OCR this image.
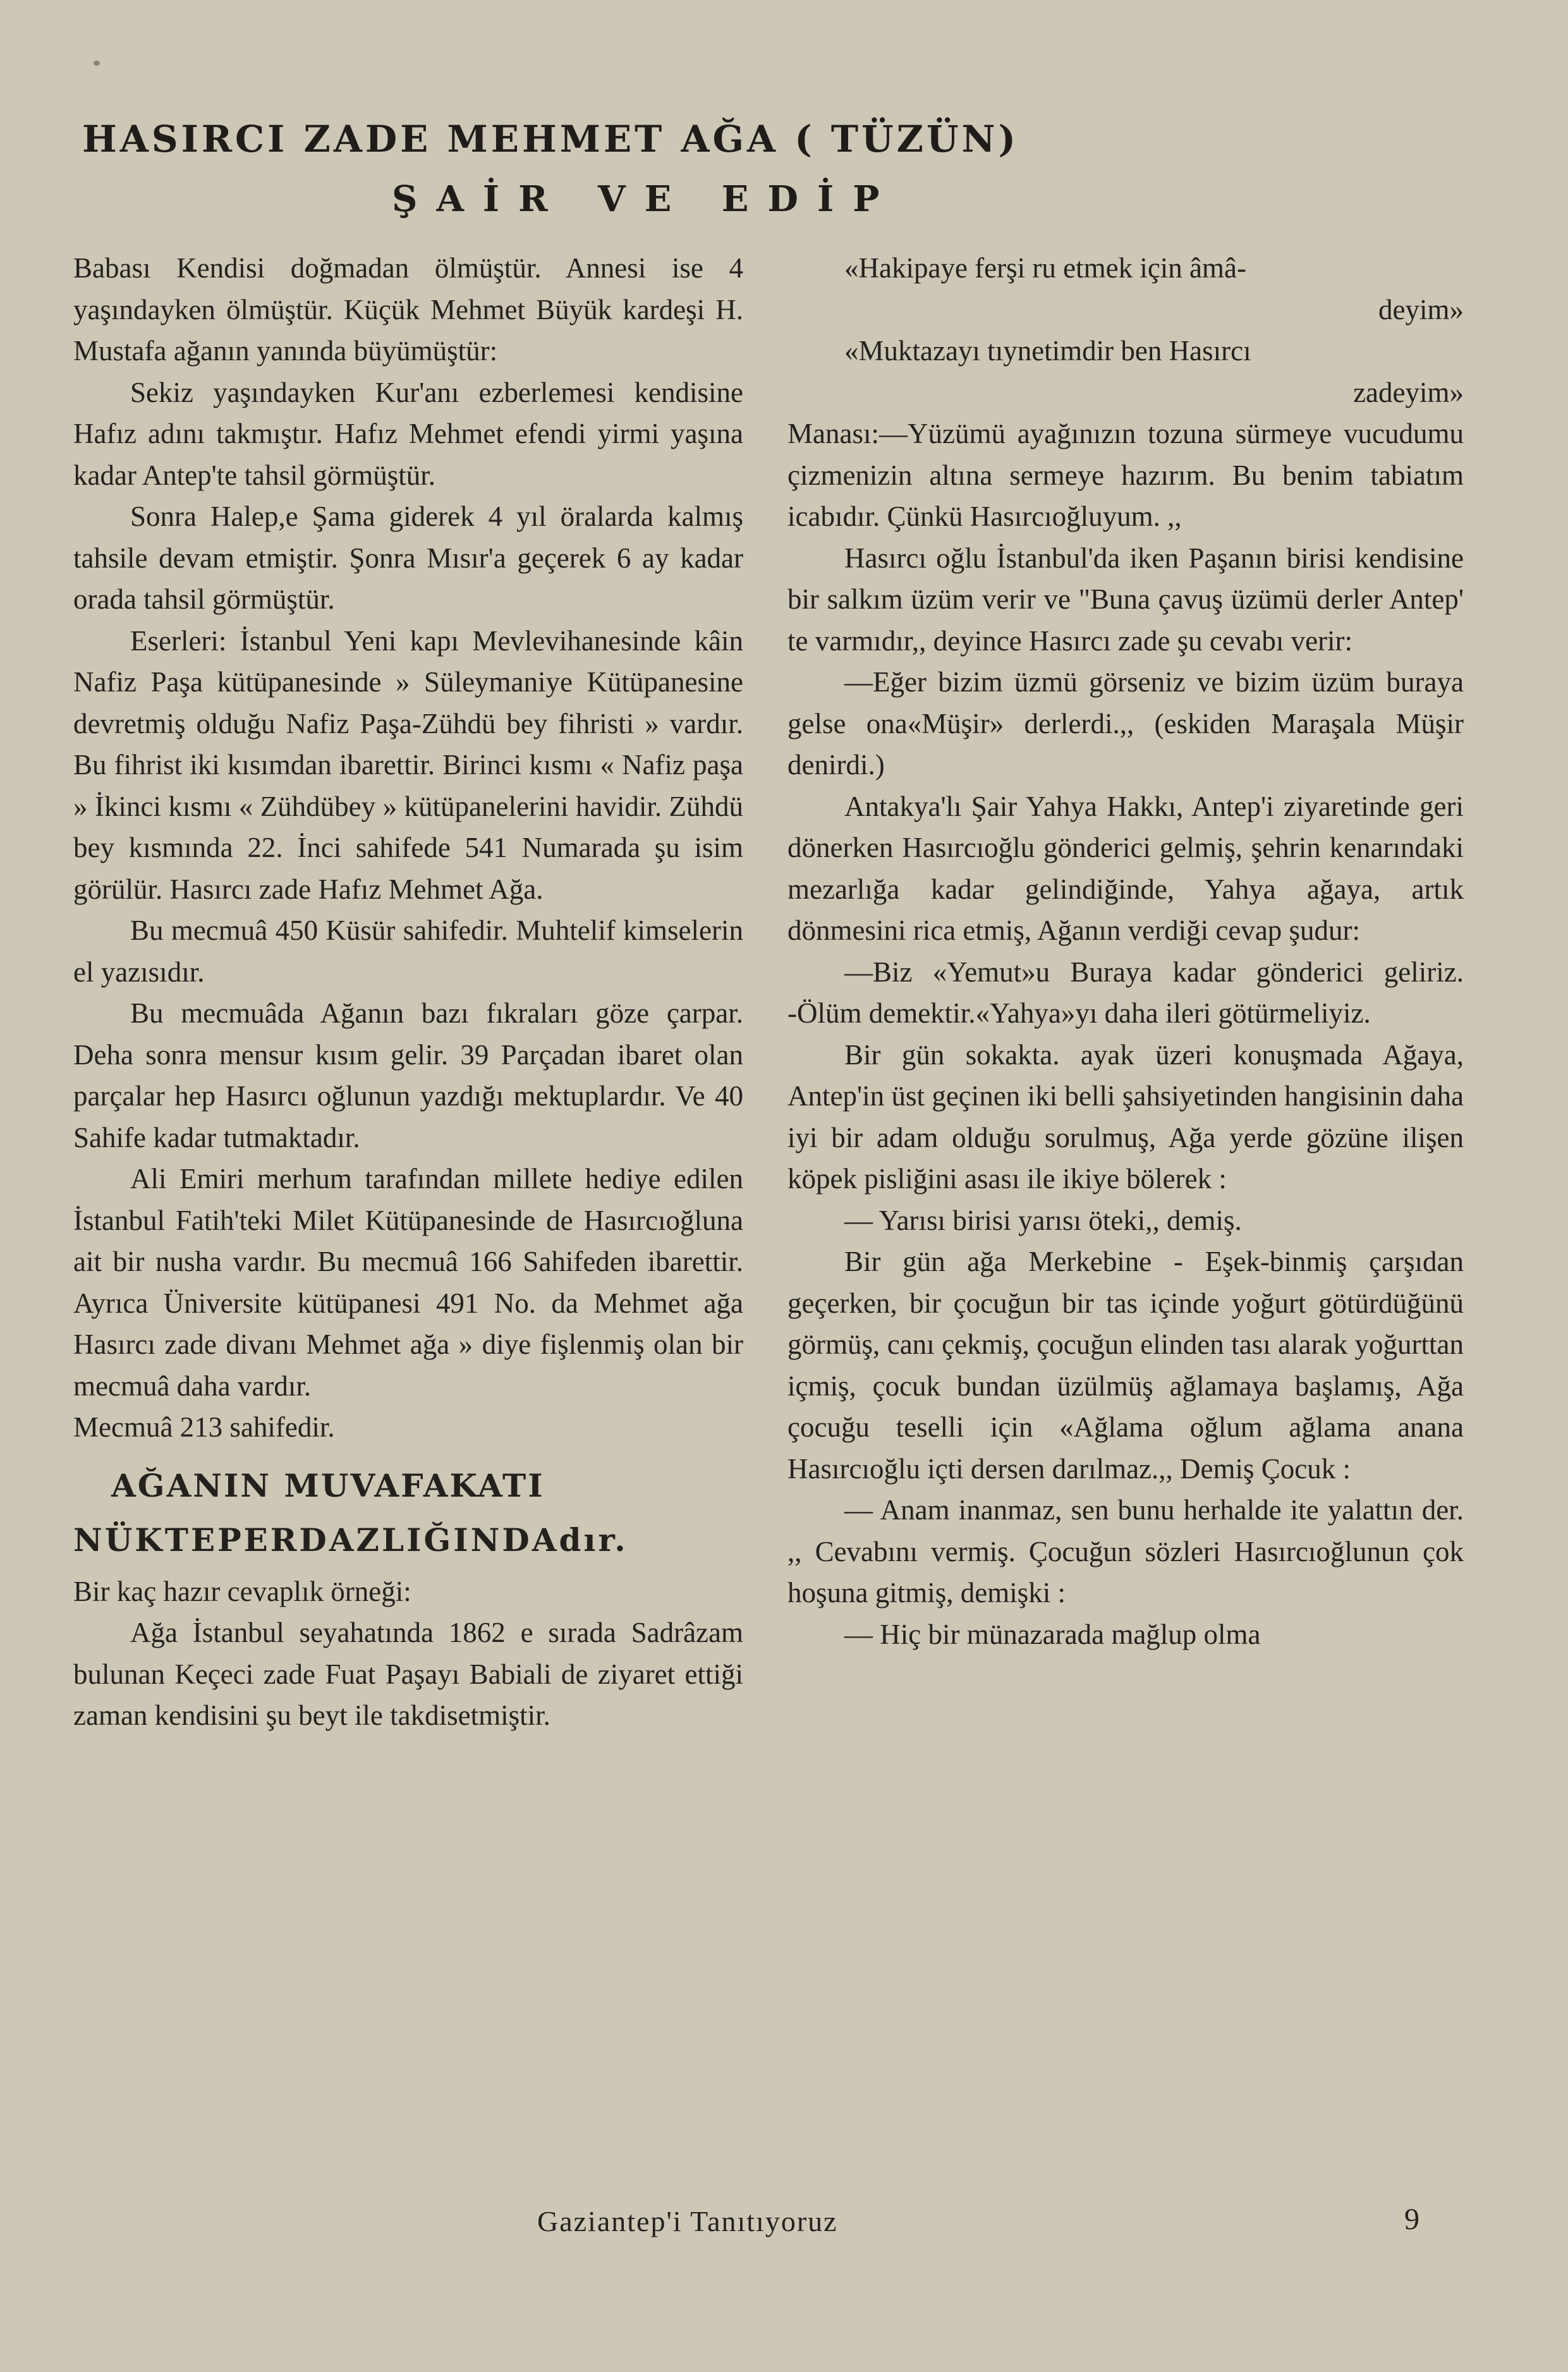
HASIRCI ZADE MEHMET AĞA ( TÜZÜN)
ŞAİR VE EDİP

Babası Kendisi doğmadan ölmüştür. Annesi ise 4 yaşındayken ölmüştür. Küçük Mehmet Büyük kardeşi H. Mustafa ağanın yanında büyümüştür:

Sekiz yaşındayken Kur'anı ezberlemesi kendisine Hafız adını takmıştır. Hafız Mehmet efendi yirmi yaşına kadar Antep'te tahsil görmüştür.

Sonra Halep,e Şama giderek 4 yıl öralarda kalmış tahsile devam etmiştir. Şonra Mısır'a geçerek 6 ay kadar orada tahsil görmüştür.

Eserleri: İstanbul Yeni kapı Mevlevihanesinde kâin Nafiz Paşa kütüpanesinde » Süleymaniye Kütüpanesine devretmiş olduğu Nafiz Paşa-Zühdü bey fihristi » vardır. Bu fihrist iki kısımdan ibarettir. Birinci kısmı « Nafiz paşa » İkinci kısmı « Zühdübey » kütüpanelerini havidir. Zühdü bey kısmında 22. İnci sahifede 541 Numarada şu isim görülür. Hasırcı zade Hafız Mehmet Ağa.

Bu mecmuâ 450 Küsür sahifedir. Muhtelif kimselerin el yazısıdır.

Bu mecmuâda Ağanın bazı fıkraları göze çarpar. Deha sonra mensur kısım gelir. 39 Parçadan ibaret olan parçalar hep Hasırcı oğlunun yazdığı mektuplardır. Ve 40 Sahife kadar tutmaktadır.

Ali Emiri merhum tarafından millete hediye edilen İstanbul Fatih'teki Milet Kütüpanesinde de Hasırcıoğluna ait bir nusha vardır. Bu mecmuâ 166 Sahifeden ibarettir. Ayrıca Üniversite kütüpanesi 491 No. da Mehmet ağa Hasırcı zade divanı Mehmet ağa » diye fişlenmiş olan bir mecmuâ daha vardır.

Mecmuâ 213 sahifedir.

AĞANIN MUVAFAKATI
NÜKTEPERDAZLIĞINDAdır.

Bir kaç hazır cevaplık örneği:

Ağa İstanbul seyahatında 1862 e sırada Sadrâzam bulunan Keçeci zade Fuat Paşayı Babiali de ziyaret ettiği zaman kendisini şu beyt ile takdisetmiştir.

«Hakipaye ferşi ru etmek için âmâ-

deyim»

«Muktazayı tıynetimdir ben Hasırcı

zadeyim»

Manası:—Yüzümü ayağınızın tozuna sürmeye vucudumu çizmenizin altına sermeye hazırım. Bu benim tabiatım icabıdır. Çünkü Hasırcıoğluyum. ,,

Hasırcı oğlu İstanbul'da iken Paşanın birisi kendisine bir salkım üzüm verir ve "Buna çavuş üzümü derler Antep' te varmıdır,, deyince Hasırcı zade şu cevabı verir:

—Eğer bizim üzmü görseniz ve bizim üzüm buraya gelse ona«Müşir» derlerdi.,, (eskiden Maraşala Müşir denirdi.)

Antakya'lı Şair Yahya Hakkı, Antep'i ziyaretinde geri dönerken Hasırcıoğlu gönderici gelmiş, şehrin kenarındaki mezarlığa kadar gelindiğinde, Yahya ağaya, artık dönmesini rica etmiş, Ağanın verdiği cevap şudur:

—Biz «Yemut»u Buraya kadar gönderici geliriz. -Ölüm demektir.«Yahya»yı daha ileri götürmeliyiz.

Bir gün sokakta. ayak üzeri konuşmada Ağaya, Antep'in üst geçinen iki belli şahsiyetinden hangisinin daha iyi bir adam olduğu sorulmuş, Ağa yerde gözüne ilişen köpek pisliğini asası ile ikiye bölerek :

— Yarısı birisi yarısı öteki,, demiş.

Bir gün ağa Merkebine - Eşek-binmiş çarşıdan geçerken, bir çocuğun bir tas içinde yoğurt götürdüğünü görmüş, canı çekmiş, çocuğun elinden tası alarak yoğurttan içmiş, çocuk bundan üzülmüş ağlamaya başlamış, Ağa çocuğu teselli için «Ağlama oğlum ağlama anana Hasırcıoğlu içti dersen darılmaz.,, Demiş Çocuk :

— Anam inanmaz, sen bunu herhalde ite yalattın der. ,, Cevabını vermiş. Çocuğun sözleri Hasırcıoğlunun çok hoşuna gitmiş, demişki :

— Hiç bir münazarada mağlup olma

Gaziantep'i Tanıtıyoruz	9
